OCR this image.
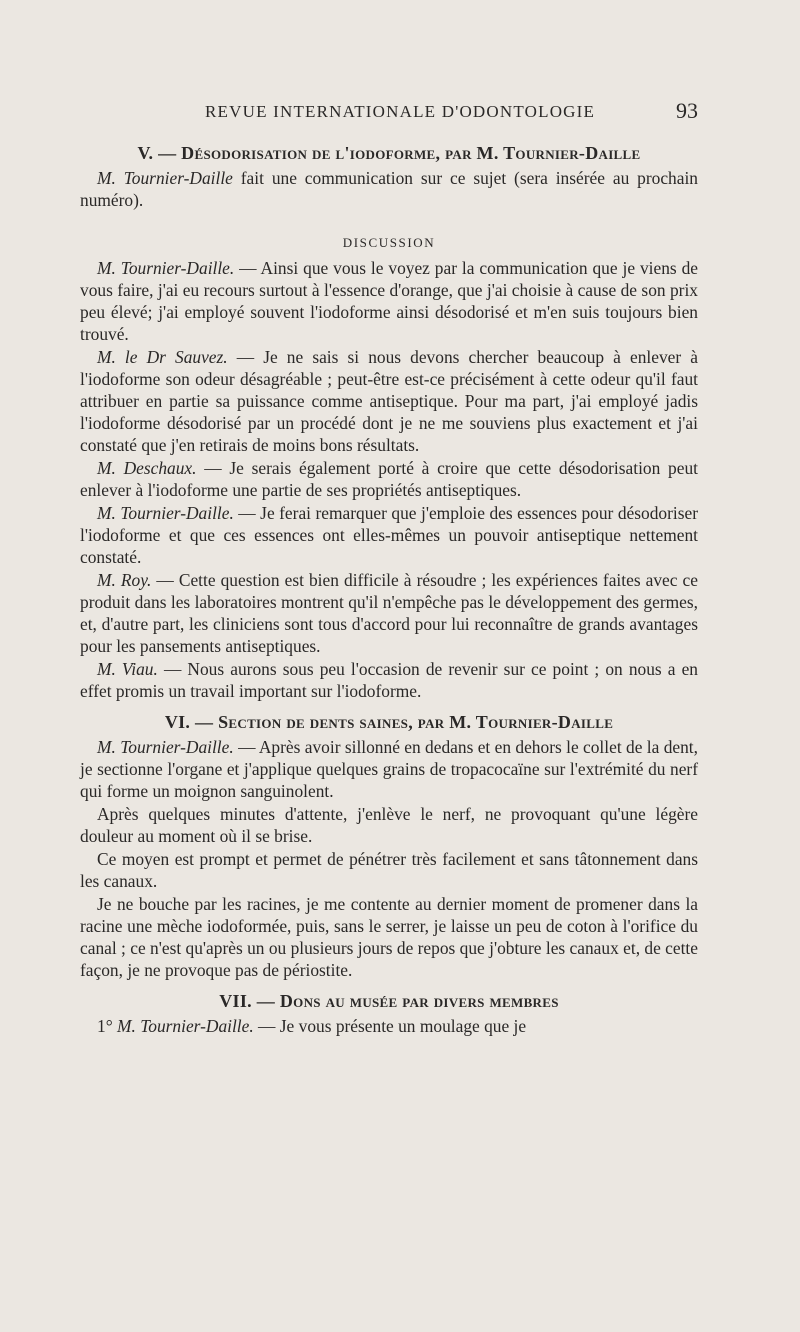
REVUE INTERNATIONALE D'ODONTOLOGIE	93
V. — Désodorisation de l'iodoforme, par M. Tournier-Daille

M. Tournier-Daille fait une communication sur ce sujet (sera insérée au prochain numéro).

DISCUSSION

M. Tournier-Daille. — Ainsi que vous le voyez par la communication que je viens de vous faire, j'ai eu recours surtout à l'essence d'orange, que j'ai choisie à cause de son prix peu élevé; j'ai employé souvent l'iodoforme ainsi désodorisé et m'en suis toujours bien trouvé.

M. le Dr Sauvez. — Je ne sais si nous devons chercher beaucoup à enlever à l'iodoforme son odeur désagréable ; peut-être est-ce précisément à cette odeur qu'il faut attribuer en partie sa puissance comme antiseptique. Pour ma part, j'ai employé jadis l'iodoforme désodorisé par un procédé dont je ne me souviens plus exactement et j'ai constaté que j'en retirais de moins bons résultats.

M. Deschaux. — Je serais également porté à croire que cette désodorisation peut enlever à l'iodoforme une partie de ses propriétés antiseptiques.

M. Tournier-Daille. — Je ferai remarquer que j'emploie des essences pour désodoriser l'iodoforme et que ces essences ont elles-mêmes un pouvoir antiseptique nettement constaté.

M. Roy. — Cette question est bien difficile à résoudre ; les expériences faites avec ce produit dans les laboratoires montrent qu'il n'empêche pas le développement des germes, et, d'autre part, les cliniciens sont tous d'accord pour lui reconnaître de grands avantages pour les pansements antiseptiques.

M. Viau. — Nous aurons sous peu l'occasion de revenir sur ce point ; on nous a en effet promis un travail important sur l'iodoforme.

VI. — Section de dents saines, par M. Tournier-Daille

M. Tournier-Daille. — Après avoir sillonné en dedans et en dehors le collet de la dent, je sectionne l'organe et j'applique quelques grains de tropacocaïne sur l'extrémité du nerf qui forme un moignon sanguinolent.

Après quelques minutes d'attente, j'enlève le nerf, ne provoquant qu'une légère douleur au moment où il se brise.

Ce moyen est prompt et permet de pénétrer très facilement et sans tâtonnement dans les canaux.

Je ne bouche par les racines, je me contente au dernier moment de promener dans la racine une mèche iodoformée, puis, sans le serrer, je laisse un peu de coton à l'orifice du canal ; ce n'est qu'après un ou plusieurs jours de repos que j'obture les canaux et, de cette façon, je ne provoque pas de périostite.

VII. — Dons au musée par divers membres

1° M. Tournier-Daille. — Je vous présente un moulage que je
